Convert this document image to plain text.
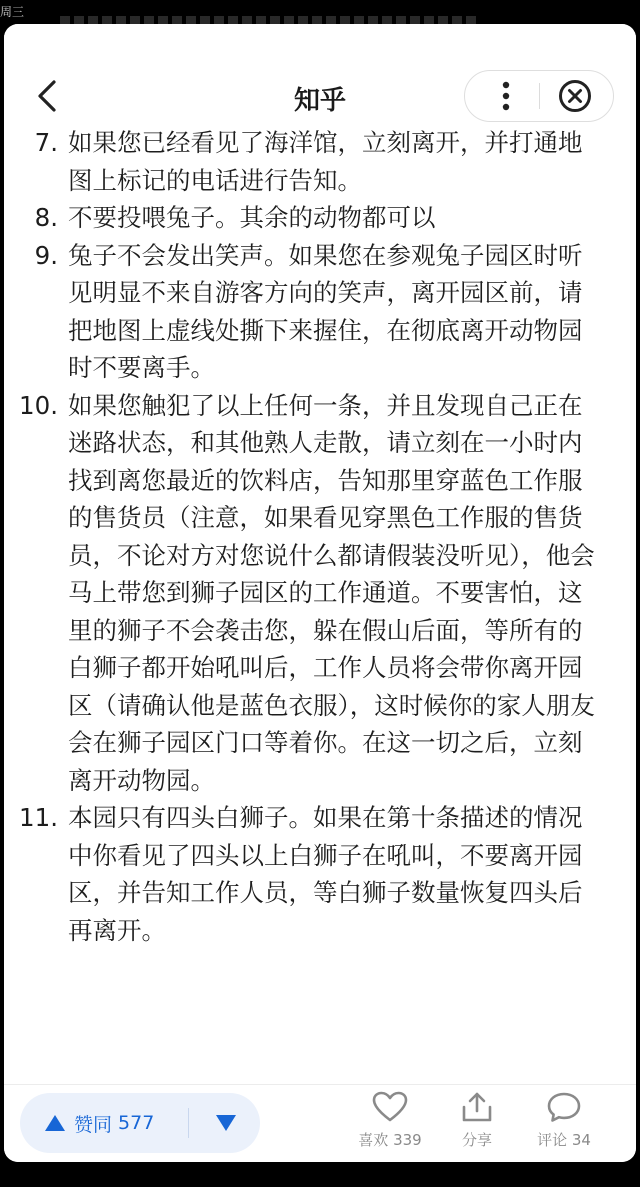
周三
知乎
7. 如果您已经看见了海洋馆，立刻离开，并打通地图上标记的电话进行告知。
8. 不要投喂兔子。其余的动物都可以
9. 兔子不会发出笑声。如果您在参观兔子园区时听见明显不来自游客方向的笑声，离开园区前，请把地图上虚线处撕下来握住，在彻底离开动物园时不要离手。
10. 如果您触犯了以上任何一条，并且发现自己正在迷路状态，和其他熟人走散，请立刻在一小时内找到离您最近的饮料店，告知那里穿蓝色工作服的售货员（注意，如果看见穿黑色工作服的售货员，不论对方对您说什么都请假装没听见），他会马上带您到狮子园区的工作通道。不要害怕，这里的狮子不会袭击您，躲在假山后面，等所有的白狮子都开始吼叫后，工作人员将会带你离开园区（请确认他是蓝色衣服），这时候你的家人朋友会在狮子园区门口等着你。在这一切之后，立刻离开动物园。
11. 本园只有四头白狮子。如果在第十条描述的情况中你看见了四头以上白狮子在吼叫，不要离开园区，并告知工作人员，等白狮子数量恢复四头后再离开。
赞同 577
喜欢 339	分享	评论 34
